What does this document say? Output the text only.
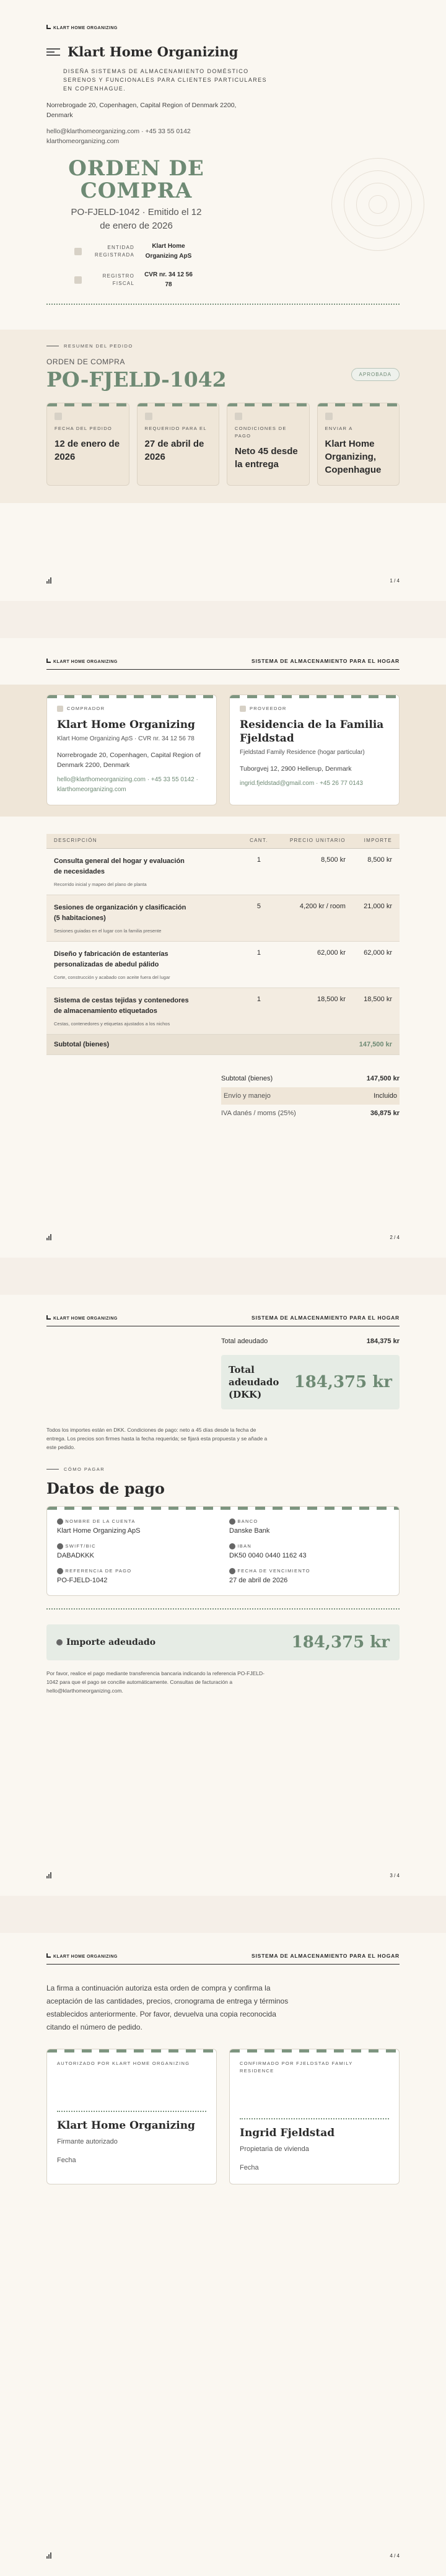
KLART HOME ORGANIZING
Klart Home Organizing
DISEÑA SISTEMAS DE ALMACENAMIENTO DOMÉSTICO SERENOS Y FUNCIONALES PARA CLIENTES PARTICULARES EN COPENHAGUE.
Norrebrogade 20, Copenhagen, Capital Region of Denmark 2200, Denmark
hello@klarthomeorganizing.com · +45 33 55 0142
klarthomeorganizing.com
ORDEN DE COMPRA
PO-FJELD-1042 · Emitido el 12 de enero de 2026
ENTIDAD REGISTRADA
Klart Home Organizing ApS
REGISTRO FISCAL
CVR nr. 34 12 56 78
RESUMEN DEL PEDIDO
ORDEN DE COMPRA
PO-FJELD-1042	APROBADA
FECHA DEL PEDIDO
12 de enero de 2026
REQUERIDO PARA EL
27 de abril de 2026
CONDICIONES DE PAGO
Neto 45 desde la entrega
ENVIAR A
Klart Home Organizing, Copenhague
1 / 4
KLART HOME ORGANIZING	SISTEMA DE ALMACENAMIENTO PARA EL HOGAR
COMPRADOR
Klart Home Organizing
Klart Home Organizing ApS · CVR nr. 34 12 56 78
Norrebrogade 20, Copenhagen, Capital Region of Denmark 2200, Denmark
hello@klarthomeorganizing.com · +45 33 55 0142 · klarthomeorganizing.com
PROVEEDOR
Residencia de la Familia Fjeldstad
Fjeldstad Family Residence (hogar particular)
Tuborgvej 12, 2900 Hellerup, Denmark
ingrid.fjeldstad@gmail.com · +45 26 77 0143
DESCRIPCIÓN	CANT.	PRECIO UNITARIO	IMPORTE

Consulta general del hogar y evaluación de necesidades
Recorrido inicial y mapeo del plano de planta	1	8,500 kr	8,500 kr

Sesiones de organización y clasificación (5 habitaciones)
Sesiones guiadas en el lugar con la familia presente	5	4,200 kr / room	21,000 kr

Diseño y fabricación de estanterías personalizadas de abedul pálido
Corte, construcción y acabado con aceite fuera del lugar	1	62,000 kr	62,000 kr

Sistema de cestas tejidas y contenedores de almacenamiento etiquetados
Cestas, contenedores y etiquetas ajustados a los nichos	1	18,500 kr	18,500 kr
Subtotal (bienes)			147,500 kr
Subtotal (bienes)	147,500 kr
Envío y manejo	Incluido
IVA danés / moms (25%)	36,875 kr
2 / 4
KLART HOME ORGANIZING	SISTEMA DE ALMACENAMIENTO PARA EL HOGAR
Total adeudado	184,375 kr
Total adeudado (DKK)
184,375 kr
Todos los importes están en DKK. Condiciones de pago: neto a 45 días desde la fecha de entrega. Los precios son firmes hasta la fecha requerida; se fijará esta propuesta y se añade a este pedido.
CÓMO PAGAR
Datos de pago
NOMBRE DE LA CUENTA
Klart Home Organizing ApS
BANCO
Danske Bank
SWIFT/BIC
DABADKKK
IBAN
DK50 0040 0440 1162 43
REFERENCIA DE PAGO
PO-FJELD-1042
FECHA DE VENCIMIENTO
27 de abril de 2026
Importe adeudado	184,375 kr
Por favor, realice el pago mediante transferencia bancaria indicando la referencia PO-FJELD-1042 para que el pago se concilie automáticamente. Consultas de facturación a hello@klarthomeorganizing.com.
3 / 4
KLART HOME ORGANIZING	SISTEMA DE ALMACENAMIENTO PARA EL HOGAR
La firma a continuación autoriza esta orden de compra y confirma la aceptación de las cantidades, precios, cronograma de entrega y términos establecidos anteriormente. Por favor, devuelva una copia reconocida citando el número de pedido.
AUTORIZADO POR KLART HOME ORGANIZING
Klart Home Organizing
Firmante autorizado
Fecha
CONFIRMADO POR FJELDSTAD FAMILY RESIDENCE
Ingrid Fjeldstad
Propietaria de vivienda
Fecha
4 / 4
